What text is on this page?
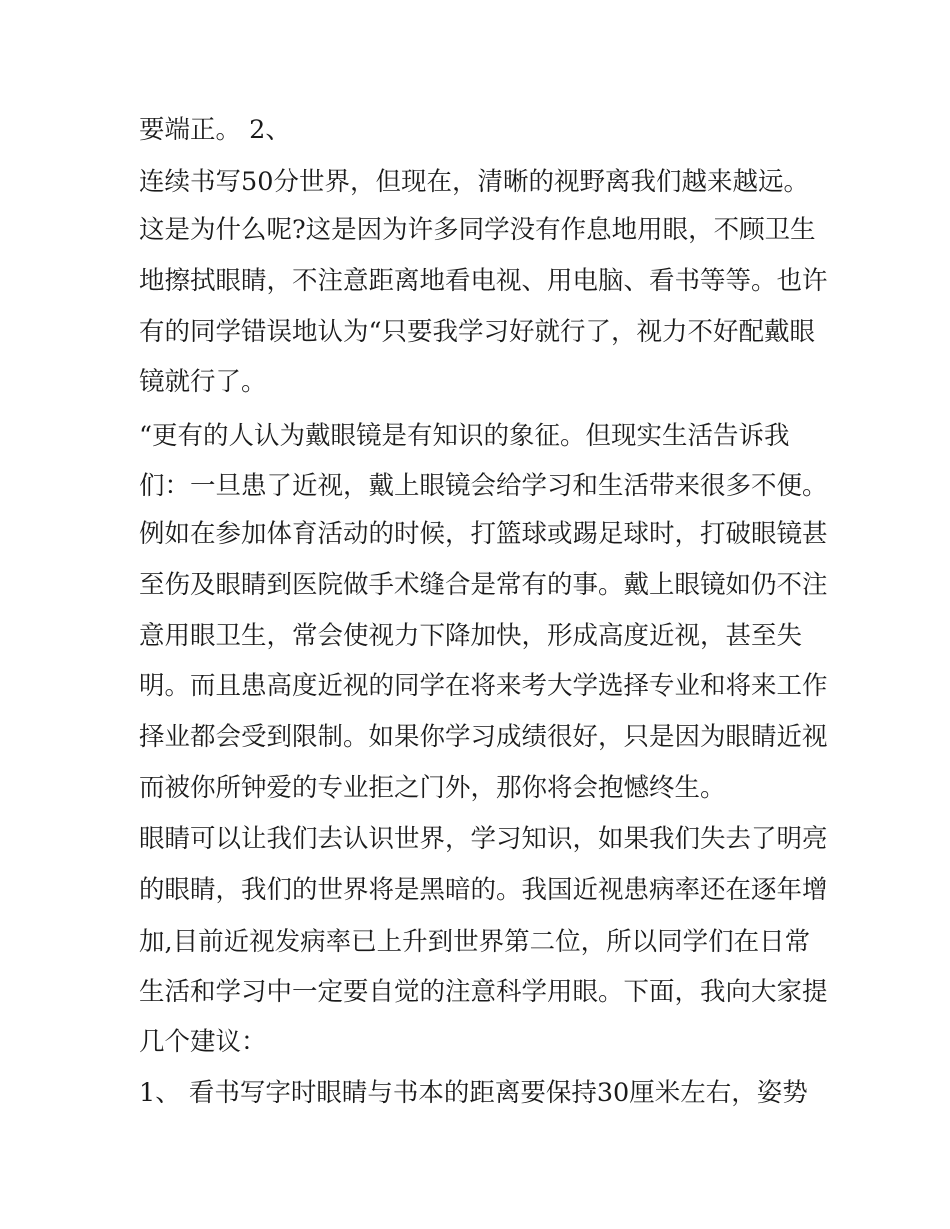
要端正。 2、

连续书写50分世界，但现在，清晰的视野离我们越来越远。

这是为什么呢?这是因为许多同学没有作息地用眼，不顾卫生

地擦拭眼睛，不注意距离地看电视、用电脑、看书等等。也许

有的同学错误地认为“只要我学习好就行了，视力不好配戴眼

镜就行了。

“更有的人认为戴眼镜是有知识的象征。但现实生活告诉我

们：一旦患了近视，戴上眼镜会给学习和生活带来很多不便。

例如在参加体育活动的时候，打篮球或踢足球时，打破眼镜甚

至伤及眼睛到医院做手术缝合是常有的事。戴上眼镜如仍不注

意用眼卫生，常会使视力下降加快，形成高度近视，甚至失

明。而且患高度近视的同学在将来考大学选择专业和将来工作

择业都会受到限制。如果你学习成绩很好，只是因为眼睛近视

而被你所钟爱的专业拒之门外，那你将会抱憾终生。

眼睛可以让我们去认识世界，学习知识，如果我们失去了明亮

的眼睛，我们的世界将是黑暗的。我国近视患病率还在逐年增

加,目前近视发病率已上升到世界第二位，所以同学们在日常

生活和学习中一定要自觉的注意科学用眼。下面，我向大家提

几个建议：

1、 看书写字时眼睛与书本的距离要保持30厘米左右，姿势
